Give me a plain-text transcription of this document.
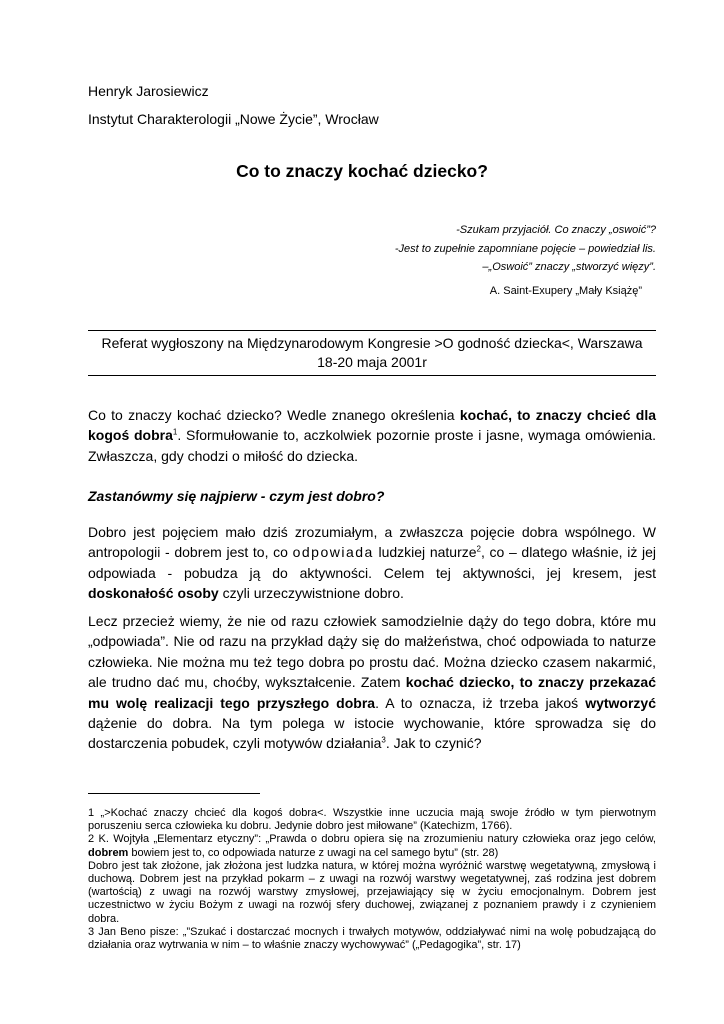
Henryk Jarosiewicz
Instytut Charakterologii „Nowe Życie”, Wrocław
Co to znaczy kochać dziecko?
-Szukam przyjaciół. Co znaczy „oswoić”?
-Jest to zupełnie zapomniane pojęcie – powiedział lis.
–„Oswoić” znaczy „stworzyć więzy”.
A. Saint-Exupery „Mały Książę”
Referat wygłoszony na Międzynarodowym Kongresie >O godność dziecka<, Warszawa
18-20 maja 2001r
Co to znaczy kochać dziecko? Wedle znanego określenia kochać, to znaczy chcieć dla kogoś dobra$^1$. Sformułowanie to, aczkolwiek pozornie proste i jasne, wymaga omówienia. Zwłaszcza, gdy chodzi o miłość do dziecka.
Zastanówmy się najpierw - czym jest dobro?
Dobro jest pojęciem mało dziś zrozumiałym, a zwłaszcza pojęcie dobra wspólnego. W antropologii - dobrem jest to, co odpowiada ludzkiej naturze$^2$, co – dlatego właśnie, iż jej odpowiada - pobudza ją do aktywności. Celem tej aktywności, jej kresem, jest doskonałość osoby czyli urzeczywistnione dobro.
Lecz przecież wiemy, że nie od razu człowiek samodzielnie dąży do tego dobra, które mu „odpowiada”. Nie od razu na przykład dąży się do małżeństwa, choć odpowiada to naturze człowieka. Nie można mu też tego dobra po prostu dać. Można dziecko czasem nakarmić, ale trudno dać mu, choćby, wykształcenie. Zatem kochać dziecko, to znaczy przekazać mu wolę realizacji tego przyszłego dobra. A to oznacza, iż trzeba jakoś wytworzyć dążenie do dobra. Na tym polega w istocie wychowanie, które sprowadza się do dostarczenia pobudek, czyli motywów działania$^3$. Jak to czynić?
1 „>Kochać znaczy chcieć dla kogoś dobra<. Wszystkie inne uczucia mają swoje źródło w tym pierwotnym poruszeniu serca człowieka ku dobru. Jedynie dobro jest miłowane” (Katechizm, 1766).
2 K. Wojtyła „Elementarz etyczny”: „Prawda o dobru opiera się na zrozumieniu natury człowieka oraz jego celów, dobrem bowiem jest to, co odpowiada naturze z uwagi na cel samego bytu” (str. 28)
Dobro jest tak złożone, jak złożona jest ludzka natura, w której można wyróżnić warstwę wegetatywną, zmysłową i duchową. Dobrem jest na przykład pokarm – z uwagi na rozwój warstwy wegetatywnej, zaś rodzina jest dobrem (wartością) z uwagi na rozwój warstwy zmysłowej, przejawiający się w życiu emocjonalnym. Dobrem jest uczestnictwo w życiu Bożym z uwagi na rozwój sfery duchowej, związanej z poznaniem prawdy i z czynieniem dobra.
3 Jan Beno pisze: „”Szukać i dostarczać mocnych i trwałych motywów, oddziaływać nimi na wolę pobudzającą do działania oraz wytrwania w nim – to właśnie znaczy wychowywać” („Pedagogika”, str. 17)
